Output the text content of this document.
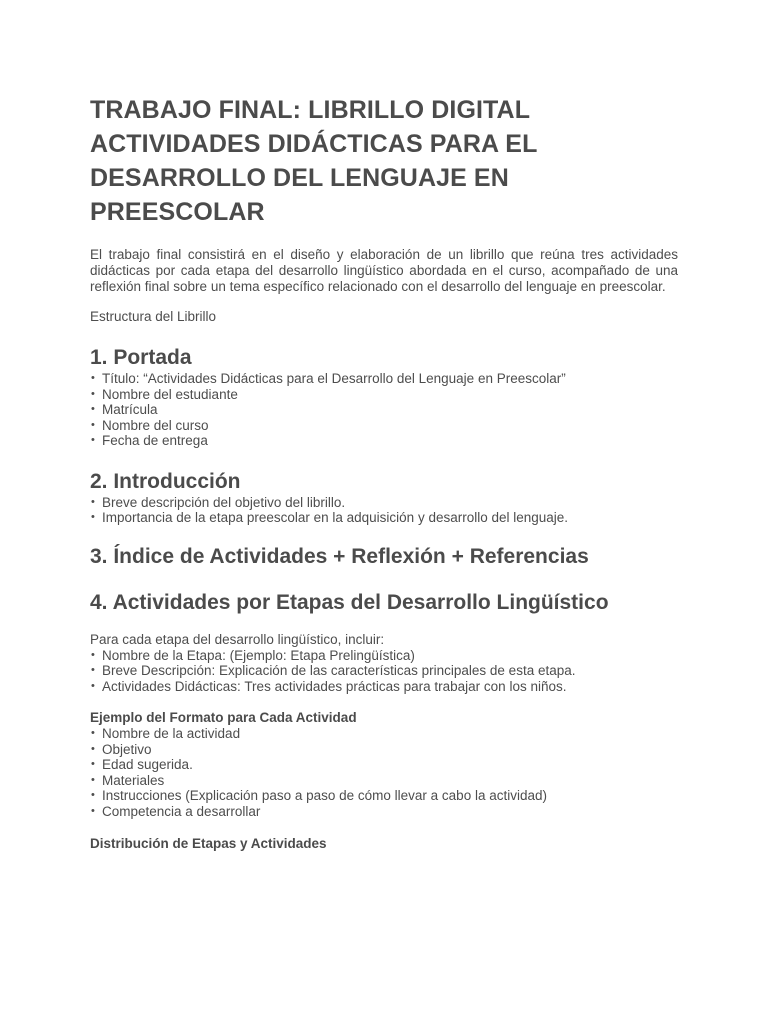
TRABAJO FINAL: LIBRILLO DIGITAL ACTIVIDADES DIDÁCTICAS PARA EL DESARROLLO DEL LENGUAJE EN PREESCOLAR

El trabajo final consistirá en el diseño y elaboración de un librillo que reúna tres actividades didácticas por cada etapa del desarrollo lingüístico abordada en el curso, acompañado de una reflexión final sobre un tema específico relacionado con el desarrollo del lenguaje en preescolar.

Estructura del Librillo

1. Portada
• Título: “Actividades Didácticas para el Desarrollo del Lenguaje en Preescolar”
• Nombre del estudiante
• Matrícula
• Nombre del curso
• Fecha de entrega
2. Introducción
• Breve descripción del objetivo del librillo.
• Importancia de la etapa preescolar en la adquisición y desarrollo del lenguaje.
3. Índice de Actividades + Reflexión + Referencias
4. Actividades por Etapas del Desarrollo Lingüístico

Para cada etapa del desarrollo lingüístico, incluir:

• Nombre de la Etapa: (Ejemplo: Etapa Prelingüística)
• Breve Descripción: Explicación de las características principales de esta etapa.
• Actividades Didácticas: Tres actividades prácticas para trabajar con los niños.

Ejemplo del Formato para Cada Actividad

• Nombre de la actividad
• Objetivo
• Edad sugerida.
• Materiales
• Instrucciones (Explicación paso a paso de cómo llevar a cabo la actividad)
• Competencia a desarrollar

Distribución de Etapas y Actividades
